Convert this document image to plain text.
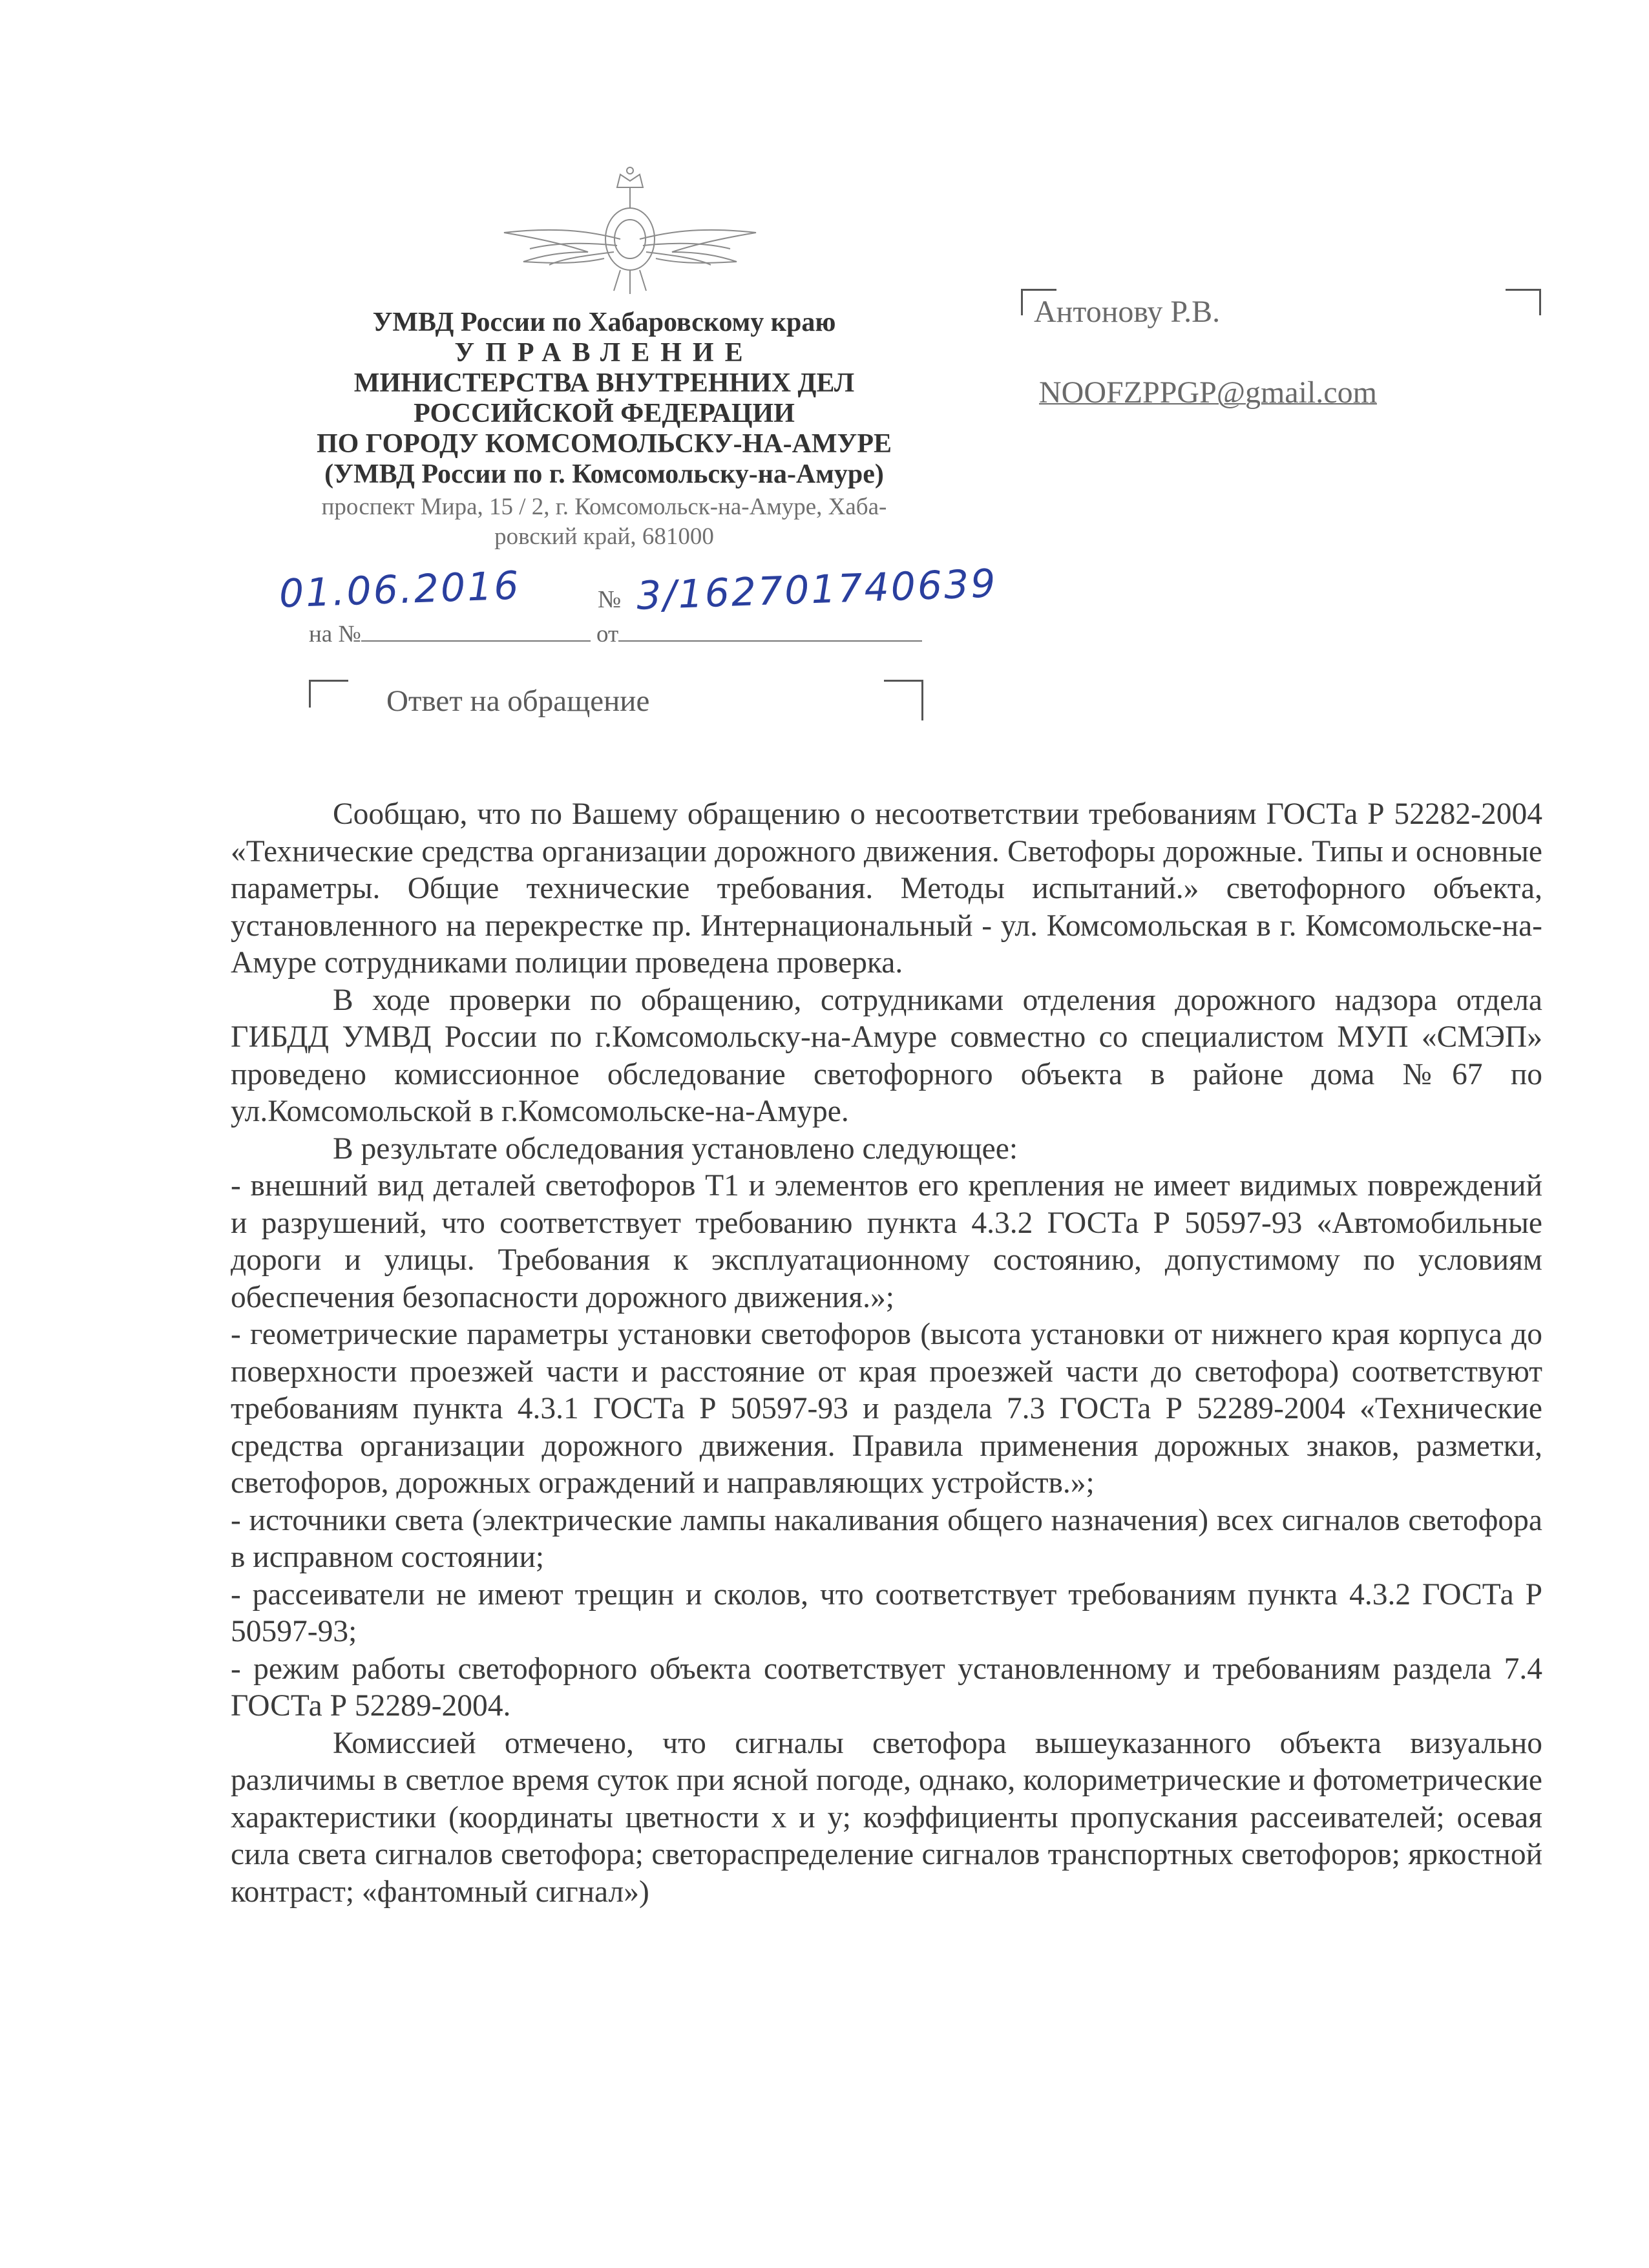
УМВД России по Хабаровскому краю
УПРАВЛЕНИЕ
МИНИСТЕРСТВА ВНУТРЕННИХ ДЕЛ
РОССИЙСКОЙ ФЕДЕРАЦИИ
ПО ГОРОДУ КОМСОМОЛЬСКУ-НА-АМУРЕ
(УМВД России по г. Комсомольску-на-Амуре)
проспект Мира, 15 / 2, г. Комсомольск-на-Амуре, Хаба-
ровский край, 681000
01.06.2016	№ 3/162701740639
на №	от
Ответ на обращение
Антонову Р.В.
NOOFZPPGP@gmail.com

Сообщаю, что по Вашему обращению о несоответствии требованиям ГОСТа Р 52282-2004 «Технические средства организации дорожного движения. Светофоры дорожные. Типы и основные параметры. Общие технические требования. Методы испытаний.» светофорного объекта, установленного на перекрестке пр. Интернациональный - ул. Комсомольская в г. Комсомольске-на-Амуре сотрудниками полиции проведена проверка.

В ходе проверки по обращению, сотрудниками отделения дорожного надзора отдела ГИБДД УМВД России по г.Комсомольску-на-Амуре совместно со специалистом МУП «СМЭП» проведено комиссионное обследование светофорного объекта в районе дома №67 по ул.Комсомольской в г.Комсомольске-на-Амуре.

В результате обследования установлено следующее:

- внешний вид деталей светофоров Т1 и элементов его крепления не имеет видимых повреждений и разрушений, что соответствует требованию пункта 4.3.2 ГОСТа Р 50597-93 «Автомобильные дороги и улицы. Требования к эксплуатационному состоянию, допустимому по условиям обеспечения безопасности дорожного движения.»;

- геометрические параметры установки светофоров (высота установки от нижнего края корпуса до поверхности проезжей части и расстояние от края проезжей части до светофора) соответствуют требованиям пункта 4.3.1 ГОСТа Р 50597-93 и раздела 7.3 ГОСТа Р 52289-2004 «Технические средства организации дорожного движения. Правила применения дорожных знаков, разметки, светофоров, дорожных ограждений и направляющих устройств.»;

- источники света (электрические лампы накаливания общего назначения) всех сигналов светофора в исправном состоянии;

- рассеиватели не имеют трещин и сколов, что соответствует требованиям пункта 4.3.2 ГОСТа Р 50597-93;

- режим работы светофорного объекта соответствует установленному и требованиям раздела 7.4 ГОСТа Р 52289-2004.

Комиссией отмечено, что сигналы светофора вышеуказанного объекта визуально различимы в светлое время суток при ясной погоде, однако, колориметрические и фотометрические характеристики (координаты цветности х и у; коэффициенты пропускания рассеивателей; осевая сила света сигналов светофора; светораспределение сигналов транспортных светофоров; яркостной контраст; «фантомный сигнал»)
